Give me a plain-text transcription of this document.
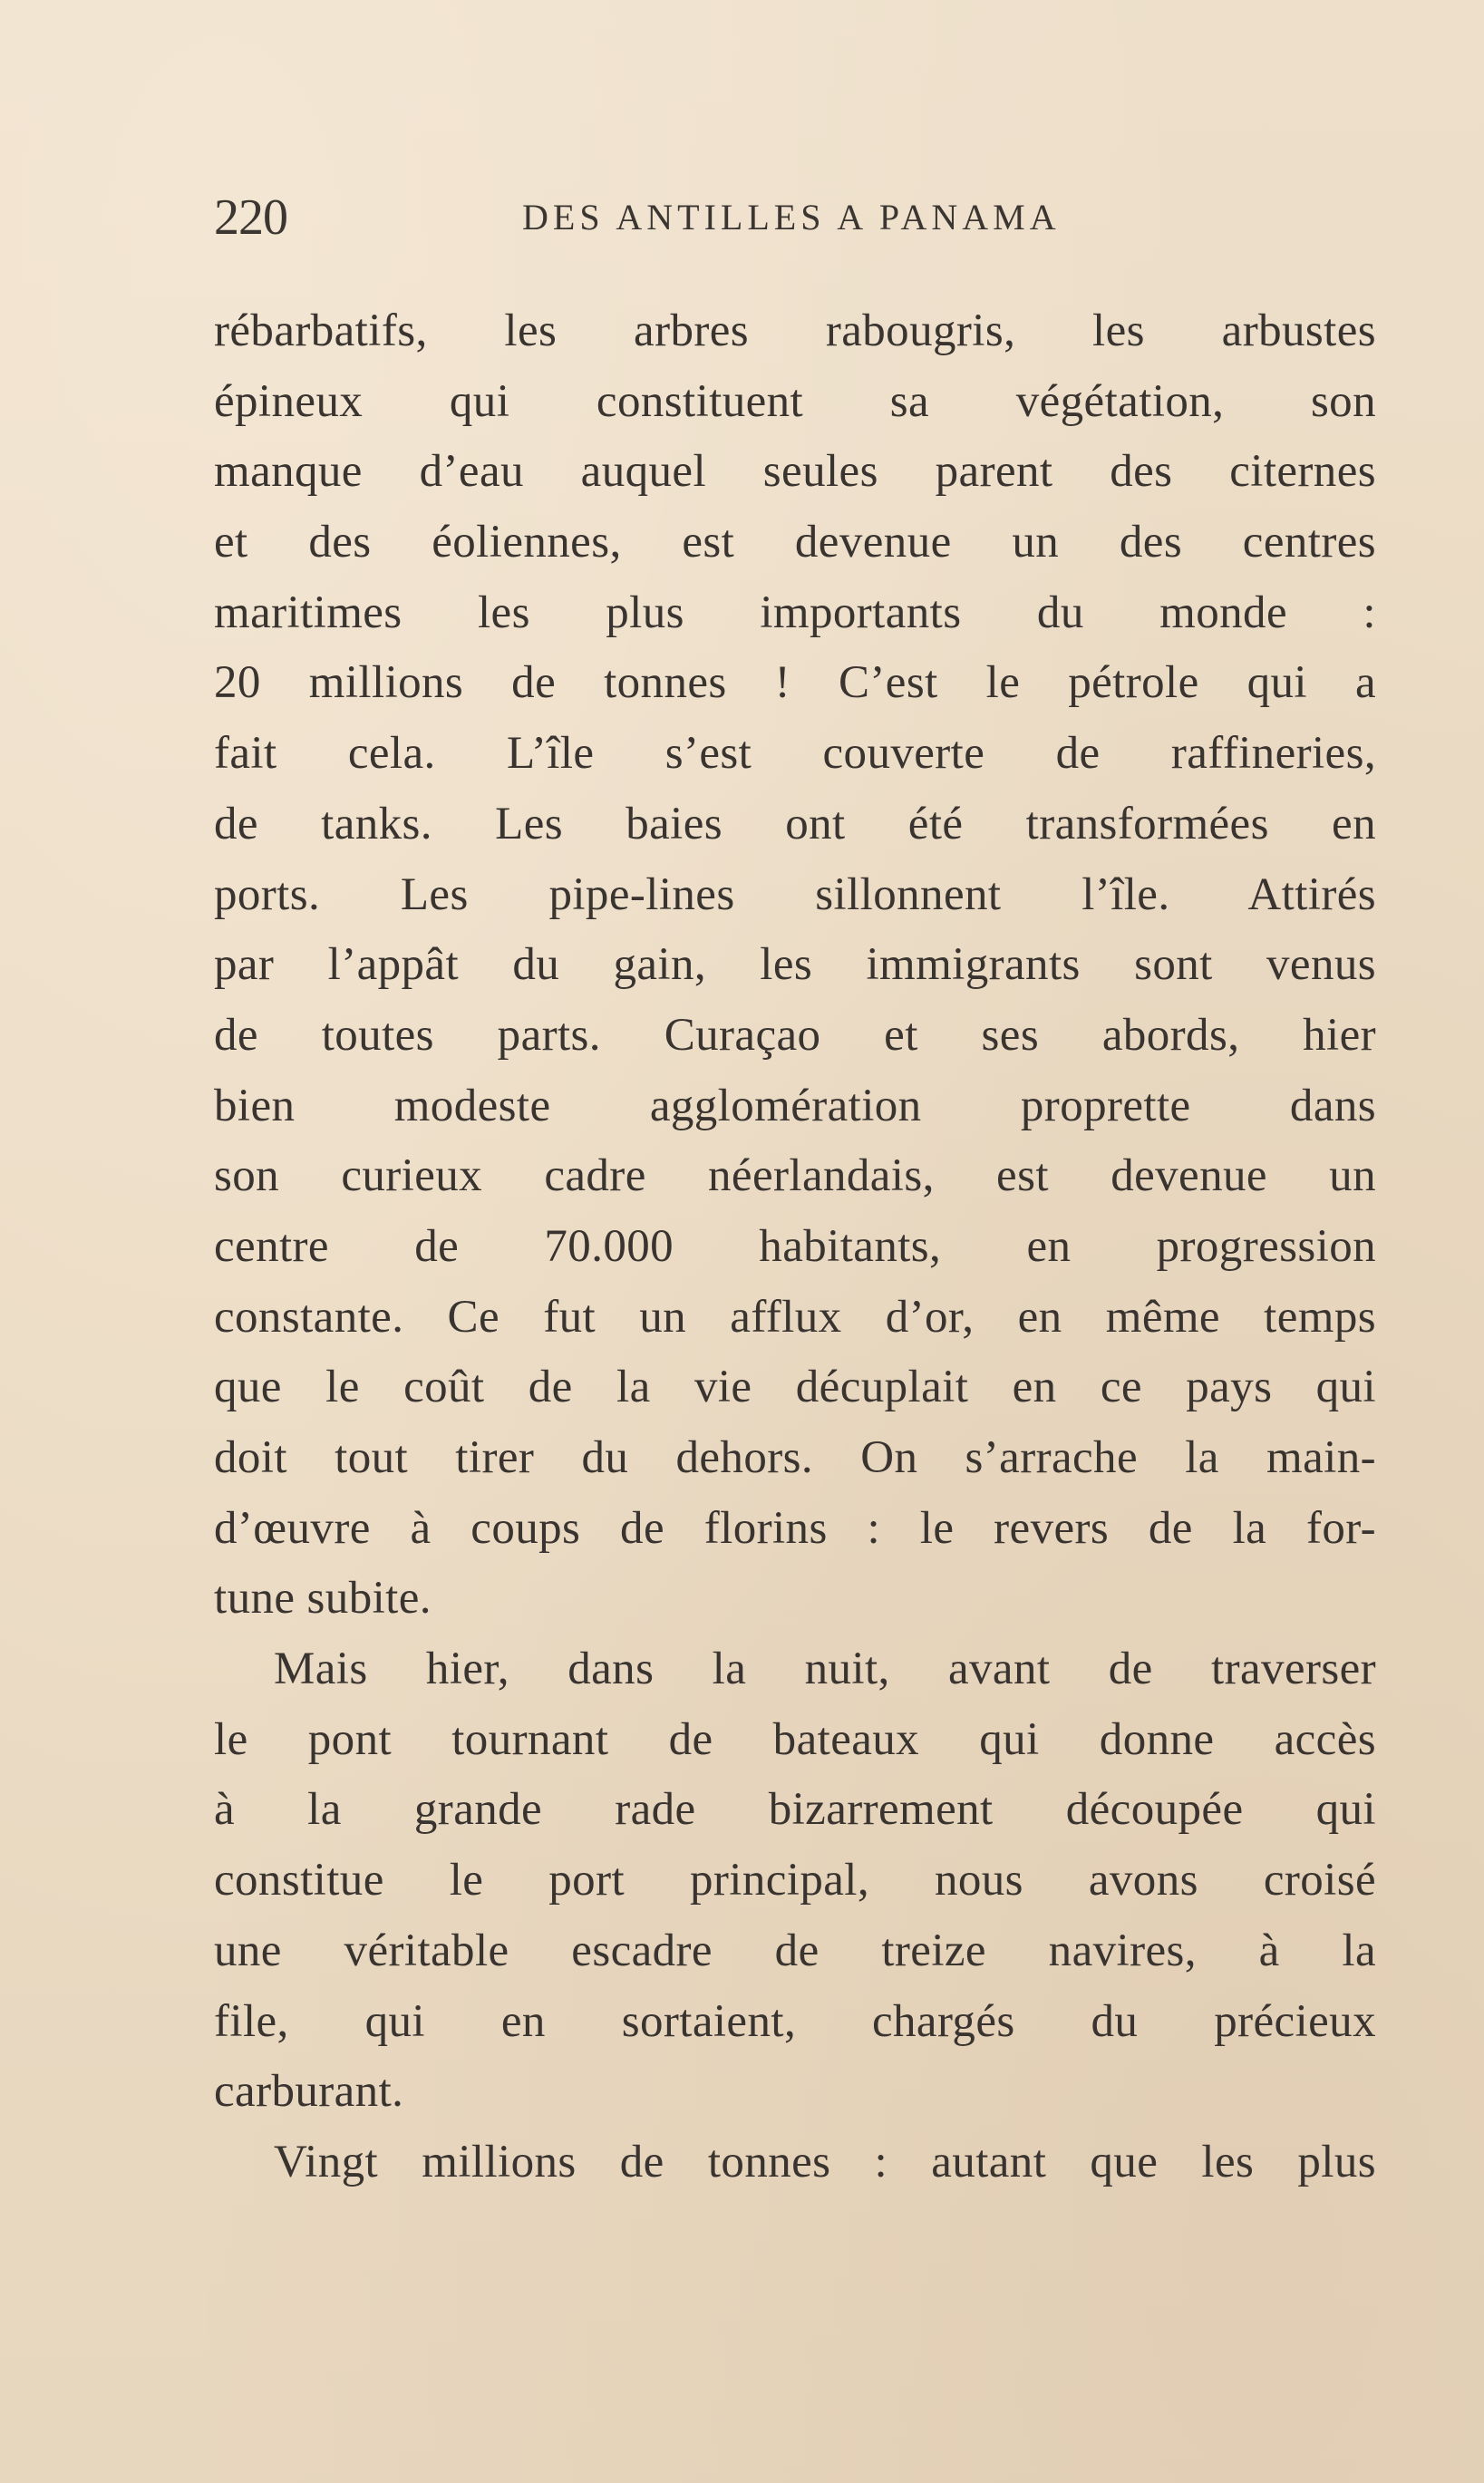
220	DES ANTILLES A PANAMA
rébarbatifs, les arbres rabougris, les arbustes
épineux qui constituent sa végétation, son
manque d’eau auquel seules parent des citernes
et des éoliennes, est devenue un des centres
maritimes les plus importants du monde :
20 millions de tonnes ! C’est le pétrole qui a
fait cela. L’île s’est couverte de raffineries,
de tanks. Les baies ont été transformées en
ports. Les pipe-lines sillonnent l’île. Attirés
par l’appât du gain, les immigrants sont venus
de toutes parts. Curaçao et ses abords, hier
bien modeste agglomération proprette dans
son curieux cadre néerlandais, est devenue un
centre de 70.000 habitants, en progression
constante. Ce fut un afflux d’or, en même temps
que le coût de la vie décuplait en ce pays qui
doit tout tirer du dehors. On s’arrache la main-
d’œuvre à coups de florins : le revers de la for-
tune subite.
Mais hier, dans la nuit, avant de traverser
le pont tournant de bateaux qui donne accès
à la grande rade bizarrement découpée qui
constitue le port principal, nous avons croisé
une véritable escadre de treize navires, à la
file, qui en sortaient, chargés du précieux
carburant.
Vingt millions de tonnes : autant que les plus
